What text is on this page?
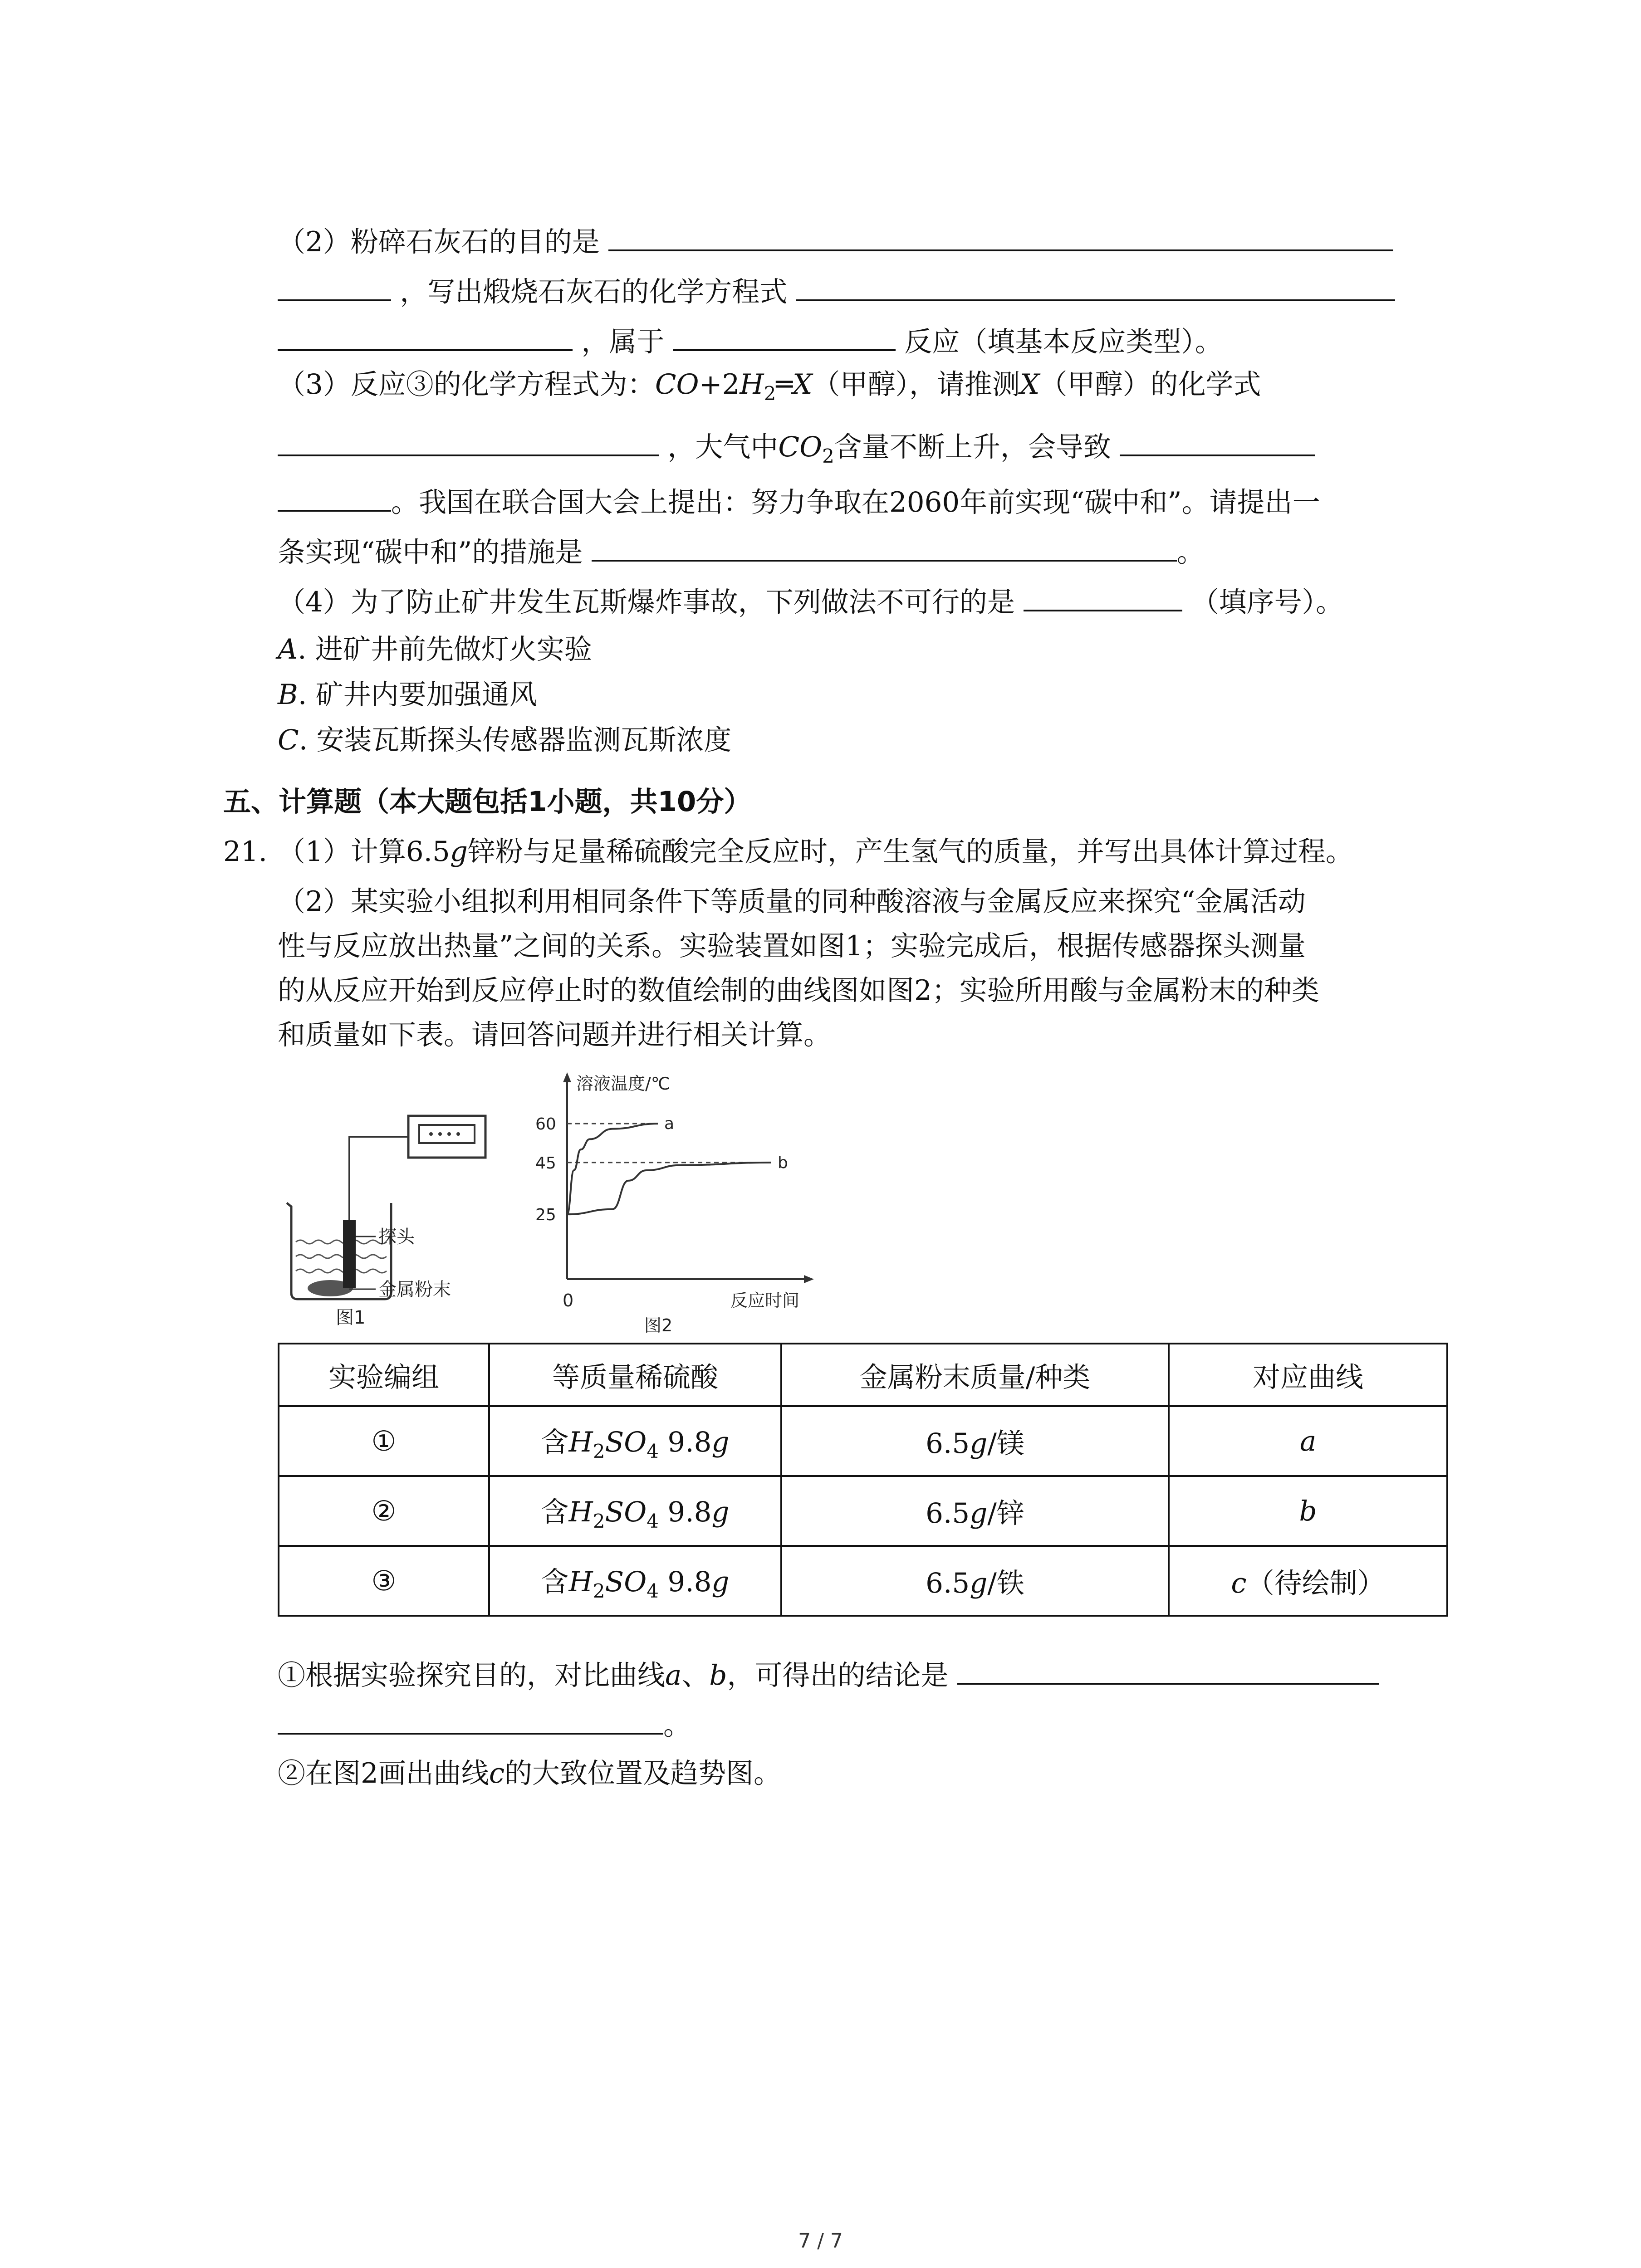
（2）粉碎石灰石的目的是
，写出煅烧石灰石的化学方程式
，属于	反应（填基本反应类型）。
（3）反应③的化学方程式为：$CO+2H_2═X$（甲醇），请推测X（甲醇）的化学式
，大气中$CO_2$含量不断上升，会导致
。我国在联合国大会上提出：努力争取在2060年前实现“碳中和”。请提出一
条实现“碳中和”的措施是	。
（4）为了防止矿井发生瓦斯爆炸事故，下列做法不可行的是	（填序号）。
A. 进矿井前先做灯火实验
B. 矿井内要加强通风
C. 安装瓦斯探头传感器监测瓦斯浓度
五、计算题（本大题包括1小题，共10分）
21. （1）计算6.5g锌粉与足量稀硫酸完全反应时，产生氢气的质量，并写出具体计算过程。
（2）某实验小组拟利用相同条件下等质量的同种酸溶液与金属反应来探究“金属活动
性与反应放出热量”之间的关系。实验装置如图1；实验完成后，根据传感器探头测量
的从反应开始到反应停止时的数值绘制的曲线图如图2；实验所用酸与金属粉末的种类
和质量如下表。请回答问题并进行相关计算。
探头
金属粉末
图1
溶液温度/℃
反应时间
0
25
45
60	a
b
图2
实验编组	等质量稀硫酸	金属粉末质量/种类	对应曲线
①	含$H_2SO_4$ 9.8g	6.5g/镁	a
②	含$H_2SO_4$ 9.8g	6.5g/锌	b
③	含$H_2SO_4$ 9.8g	6.5g/铁	c（待绘制）
①根据实验探究目的，对比曲线a、b，可得出的结论是
。
②在图2画出曲线c的大致位置及趋势图。
7 / 7
